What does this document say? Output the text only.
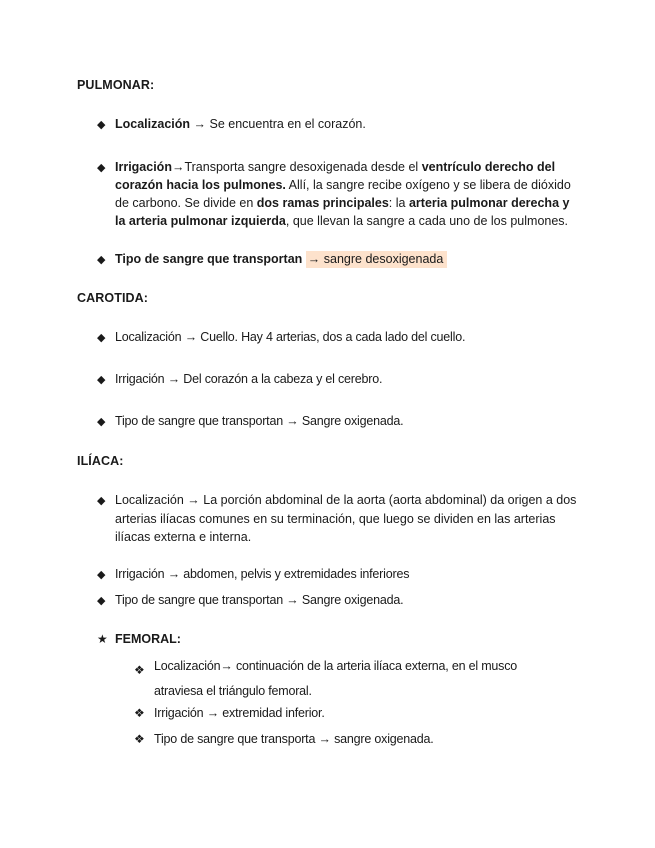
PULMONAR:
◆ Localización → Se encuentra en el corazón.
◆ Irrigación→Transporta sangre desoxigenada desde el ventrículo derecho del corazón hacia los pulmones. Allí, la sangre recibe oxígeno y se libera de dióxido de carbono. Se divide en dos ramas principales: la arteria pulmonar derecha y la arteria pulmonar izquierda, que llevan la sangre a cada uno de los pulmones.
◆ Tipo de sangre que transportan → sangre desoxigenada
CAROTIDA:
◆ Localización → Cuello. Hay 4 arterias, dos a cada lado del cuello.
◆ Irrigación → Del corazón a la cabeza y el cerebro.
◆ Tipo de sangre que transportan → Sangre oxigenada.
ILÍACA:
◆ Localización → La porción abdominal de la aorta (aorta abdominal) da origen a dos arterias ilíacas comunes en su terminación, que luego se dividen en las arterias ilíacas externa e interna.
◆ Irrigación → abdomen, pelvis y extremidades inferiores
◆ Tipo de sangre que transportan → Sangre oxigenada.
★ FEMORAL:
❖ Localización→ continuación de la arteria ilíaca externa, en el musco atraviesa el triángulo femoral.
❖ Irrigación → extremidad inferior.
❖ Tipo de sangre que transporta → sangre oxigenada.
